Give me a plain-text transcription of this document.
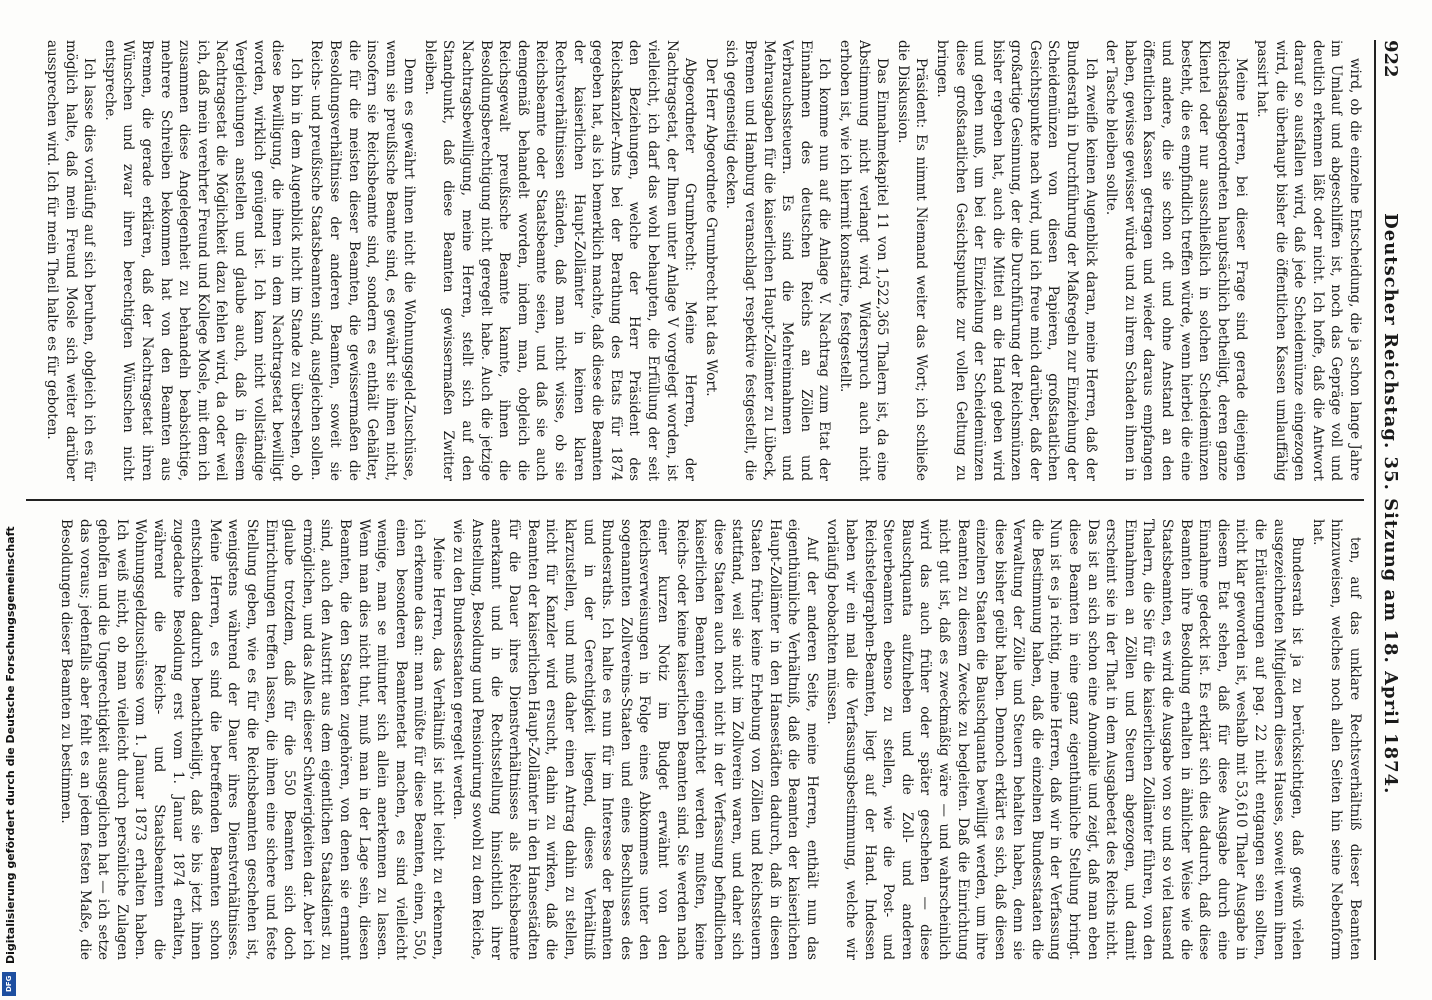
922
Deutscher Reichstag. 35. Sitzung am 18. April 1874.

wird, ob die einzelne Entscheidung, die ja schon lange Jahre im Umlauf und abgeschliffen ist, noch das Gepräge voll und deutlich erkennen läßt oder nicht. Ich hoffe, daß die Antwort darauf so ausfallen wird, daß jede Scheidemünze eingezogen wird, die überhaupt bisher die öffentlichen Kassen umlauffähig passirt hat.

Meine Herren, bei dieser Frage sind gerade diejenigen Reichstagsabgeordneten hauptsächlich betheiligt, deren ganze Klientel oder nur ausschließlich in solchen Scheidemünzen besteht, die es empfindlich treffen würde, wenn hierbei die eine und andere, die sie schon oft und ohne Anstand an den öffentlichen Kassen getragen und wieder daraus empfangen haben, gewisse gewisser würde und zu ihrem Schaden ihnen in der Tasche bleiben sollte.

Ich zweifle keinen Augenblick daran, meine Herren, daß der Bundesrath in Durchführung der Maßregeln zur Einziehung der Scheidemünzen von diesen Papieren, großstaatlichen Gesichtspunkte nach wird, und ich freue mich darüber, daß der großartige Gesinnung, der die Durchführung der Reichsmünzen bisher ergeben hat, auch die Mittel an die Hand geben wird und geben muß, um bei der Einziehung der Scheidemünzen diese großstaatlichen Gesichtspunkte zur vollen Geltung zu bringen.

Präsident: Es nimmt Niemand weiter das Wort; ich schließe die Diskussion.

Das Einnahmekapitel 11 von 1,522,365 Thalern ist, da eine Abstimmung nicht verlangt wird, Widerspruch auch nicht erhoben ist, wie ich hiermit konstatire, festgestellt.

Ich komme nun auf die Anlage V. Nachtrag zum Etat der Einnahmen des deutschen Reichs an Zöllen und Verbrauchssteuern. Es sind die Mehreinnahmen und Mehrausgaben für die kaiserlichen Haupt-Zollämter zu Lübeck, Bremen und Hamburg veranschlagt respektive festgestellt, die sich gegenseitig decken.

Der Herr Abgeordnete Grumbrecht hat das Wort.

Abgeordneter Grumbrecht: Meine Herren, der Nachtragsetat, der Ihnen unter Anlage V vorgelegt worden, ist vielleicht, ich darf das wohl behaupten, die Erfüllung der seit den Beziehungen, welche der Herr Präsident des Reichskanzler-Amts bei der Berathung des Etats für 1874 gegeben hat, als ich bemerklich machte, daß diese die Beamten der kaiserlichen Haupt-Zollämter in keinen klaren Rechtsverhältnissen ständen, daß man nicht wisse, ob sie Reichsbeamte oder Staatsbeamte seien, und daß sie auch demgemäß behandelt worden, indem man, obgleich die Reichsgewalt preußische Beamte kannte, ihnen die Besoldungsberechtigung nicht geregelt habe. Auch die jetzige Nachtragsbewilligung, meine Herren, stellt sich auf den Standpunkt, daß diese Beamten gewissermaßen Zwitter bleiben.

Denn es gewährt ihnen nicht die Wohnungsgeld-Zuschüsse, wenn sie preußische Beamte sind, es gewährt sie ihnen nicht, insofern sie Reichsbeamte sind, sondern es enthält Gehälter, die für die meisten dieser Beamten, die gewissermaßen die Besoldungsverhältnisse der anderen Beamten, soweit sie Reichs- und preußische Staatsbeamten sind, ausgleichen sollen.

Ich bin in dem Augenblick nicht im Stande zu übersehen, ob diese Bewilligung, die ihnen in dem Nachtragsetat bewilligt worden, wirklich genügend ist. Ich kann nicht vollständige Vergleichungen anstellen und glaube auch, daß in diesem Nachtragsetat die Möglichkeit dazu fehlen wird, da oder weil ich, daß mein verehrter Freund und Kollege Mosle, mit dem ich zusammen diese Angelegenheit zu behandeln beabsichtige, mehrere Schreiben bekommen hat von den Beamten aus Bremen, die gerade erklären, daß der Nachtragsetat ihren Wünschen und zwar ihren berechtigten Wünschen nicht entspreche.

Ich lasse dies vorläufig auf sich beruhen, obgleich ich es für möglich halte, daß mein Freund Mosle sich weiter darüber aussprechen wird. Ich für mein Theil halte es für geboten.

ten, auf das unklare Rechtsverhältniß dieser Beamten hinzuweisen, welches noch allen Seiten hin seine Nebenform hat.

Bundesrath ist ja zu berücksichtigen, daß gewiß vielen ausgezeichneten Mitgliedern dieses Hauses, soweit wenn ihnen die Erläuterungen auf pag. 22 nicht entgangen sein sollten, nicht klar geworden ist, weshalb mit 53,610 Thaler Ausgabe in diesem Etat stehen, daß für diese Ausgabe durch eine Einnahme gedeckt ist. Es erklärt sich dies dadurch, daß diese Beamten ihre Besoldung erhalten in ähnlicher Weise wie die Staatsbeamten, es wird die Ausgabe von so und so viel tausend Thalern, die Sie für die kaiserlichen Zollämter führen, von den Einnahmen an Zöllen und Steuern abgezogen, und damit erscheint sie in der That in dem Ausgabeetat des Reichs nicht. Das ist an sich schon eine Anomalie und zeigt, daß man eben diese Beamten in eine ganz eigenthümliche Stellung bringt. Nun ist es ja richtig, meine Herren, daß wir in der Verfassung die Bestimmung haben, daß die einzelnen Bundesstaaten die Verwaltung der Zölle und Steuern behalten haben, denn sie diese bisher geübt haben. Dennoch erklärt es sich, daß diesen einzelnen Staaten die Bauschquanta bewilligt werden, um ihre Beamten zu diesem Zwecke zu begleiten. Daß die Einrichtung nicht gut ist, daß es zweckmäßig wäre — und wahrscheinlich wird das auch früher oder später geschehen — diese Bauschquanta aufzuheben und die Zoll- und anderen Steuerbeamten ebenso zu stellen, wie die Post- und Reichstelegraphen-Beamten, liegt auf der Hand. Indessen haben wir ein mal die Verfassungsbestimmung, welche wir vorläufig beobachten müssen.

Auf der anderen Seite, meine Herren, enthält nun das eigenthümliche Verhältniß, daß die Beamten der kaiserlichen Haupt-Zollämter in den Hansestädten dadurch, daß in diesen Staaten früher keine Erhebung von Zöllen und Reichssteuern stattfand, weil sie nicht im Zollverein waren, und daher sich diese Staaten auch noch nicht in der Verfassung befindlichen kaiserlichen Beamten eingerichtet werden mußten, keine Reichs- oder keine kaiserlichen Beamten sind. Sie werden nach einer kurzen Notiz im Budget erwähnt von den Reichsverweisungen in Folge eines Abkommens unter den sogenannten Zollvereins-Staaten und eines Beschlusses des Bundesraths. Ich halte es nun für im Interesse der Beamten und in der Gerechtigkeit liegend, dieses Verhältniß klarzustellen, und muß daher einen Antrag dahin zu stellen, nicht für Kanzler wird ersucht, dahin zu wirken, daß die Beamten der kaiserlichen Haupt-Zollämter in den Hansestädten für die Dauer ihres Dienstverhältnisses als Reichsbeamte anerkannt und in die Rechtsstellung hinsichtlich ihrer Anstellung, Besoldung und Pensionirung sowohl zu dem Reiche, wie zu den Bundesstaaten geregelt werden.

Meine Herren, das Verhältniß ist nicht leicht zu erkennen, ich erkenne das an: man müßte für diese Beamten, einen, 550, einen besonderen Beamtenetat machen, es sind vielleicht wenige, man se mitunter sich allein anerkennen zu lassen. Wenn man dies nicht thut, muß man in der Lage sein, diesen Beamten, die den Staaten zugehören, von denen sie ernannt sind, auch den Austritt aus dem eigentlichen Staatsdienst zu ermöglichen, und das Alles dieser Schwierigkeiten dar. Aber ich glaube trotzdem, daß für die 550 Beamten sich doch Einrichtungen treffen lassen, die ihnen eine sichere und feste Stellung geben, wie es für die Reichsbeamten geschehen ist, wenigstens während der Dauer ihres Dienstverhältnisses. Meine Herren, es sind die betreffenden Beamten schon entschieden dadurch benachtheiligt, daß sie bis jetzt ihnen zugedachte Besoldung erst vom 1. Januar 1874 erhalten, während die Reichs- und Staatsbeamten die Wohnungsgeldzuschüsse vom 1. Januar 1873 erhalten haben. Ich weiß nicht, ob man vielleicht durch persönliche Zulagen geholfen und die Ungerechtigkeit ausgeglichen hat — ich setze das voraus; jedenfalls aber fehlt es an jedem festen Maße, die Besoldungen dieser Beamten zu bestimmen.

Digitalisierung gefördert durch die Deutsche Forschungsgemeinschaft
DFG
